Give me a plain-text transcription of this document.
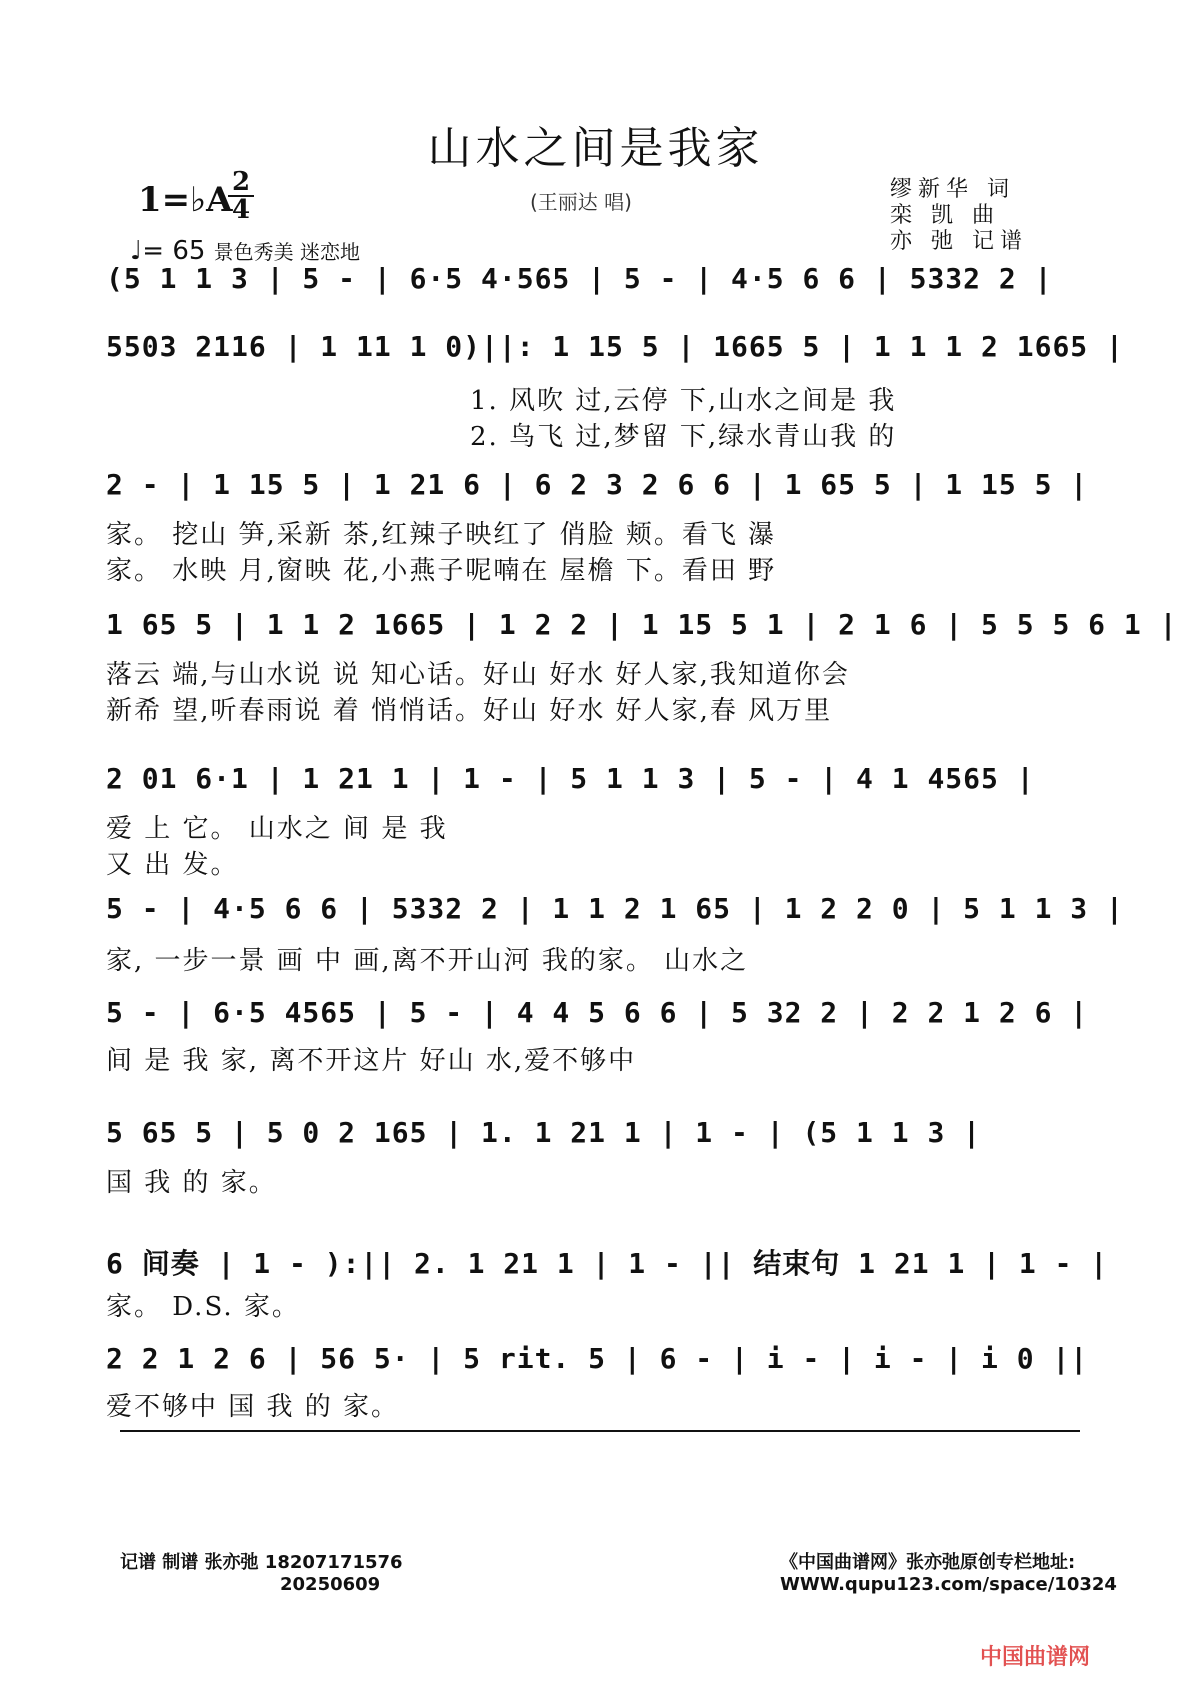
山水之间是我家
1=♭A 2
4
♩= 65 景色秀美 迷恋地
(王丽达 唱)	缪新华 词
栾 凯 曲
亦 弛 记谱
(5 1 1 3 | 5 - | 6·5 4·565 | 5 - | 4·5 6 6 | 5332 2 |
5503 2116 | 1 11 1 0)||: 1 15 5 | 1665 5 | 1 1 1 2 1665 |
1. 风吹 过,云停 下,山水之间是 我
2. 鸟飞 过,梦留 下,绿水青山我 的
2 - | 1 15 5 | 1 21 6 | 6 2 3 2 6 6 | 1 65 5 | 1 15 5 |
家。 挖山 笋,采新 茶,红辣子映红了 俏脸 颊。看飞 瀑
家。 水映 月,窗映 花,小燕子呢喃在 屋檐 下。看田 野
1 65 5 | 1 1 2 1665 | 1 2 2 | 1 15 5 1 | 2 1 6 | 5 5 5 6 1 |
落云 端,与山水说 说 知心话。好山 好水 好人家,我知道你会
新希 望,听春雨说 着 悄悄话。好山 好水 好人家,春 风万里
2 01 6·1 | 1 21 1 | 1 - | 5 1 1 3 | 5 - | 4 1 4565 |
爱 上 它。 山水之 间 是 我
又 出 发。
5 - | 4·5 6 6 | 5332 2 | 1 1 2 1 65 | 1 2 2 0 | 5 1 1 3 |
家, 一步一景 画 中 画,离不开山河 我的家。 山水之
5 - | 6·5 4565 | 5 - | 4 4 5 6 6 | 5 32 2 | 2 2 1 2 6 |
间 是 我 家, 离不开这片 好山 水,爱不够中
5 65 5 | 5 0 2 165 | 1. 1 21 1 | 1 - | (5 1 1 3 |
国 我 的 家。
6 间奏 | 1 - ):|| 2. 1 21 1 | 1 - || 结束句 1 21 1 | 1 - |
家。 D.S. 家。
2 2 1 2 6 | 56 5· | 5 rit. 5 | 6 - | i - | i - | i 0 ||
爱不够中 国 我 的 家。
记谱 制谱 张亦弛 18207171576
20250609
《中国曲谱网》张亦弛原创专栏地址:
WWW.qupu123.com/space/10324
中国曲谱网
